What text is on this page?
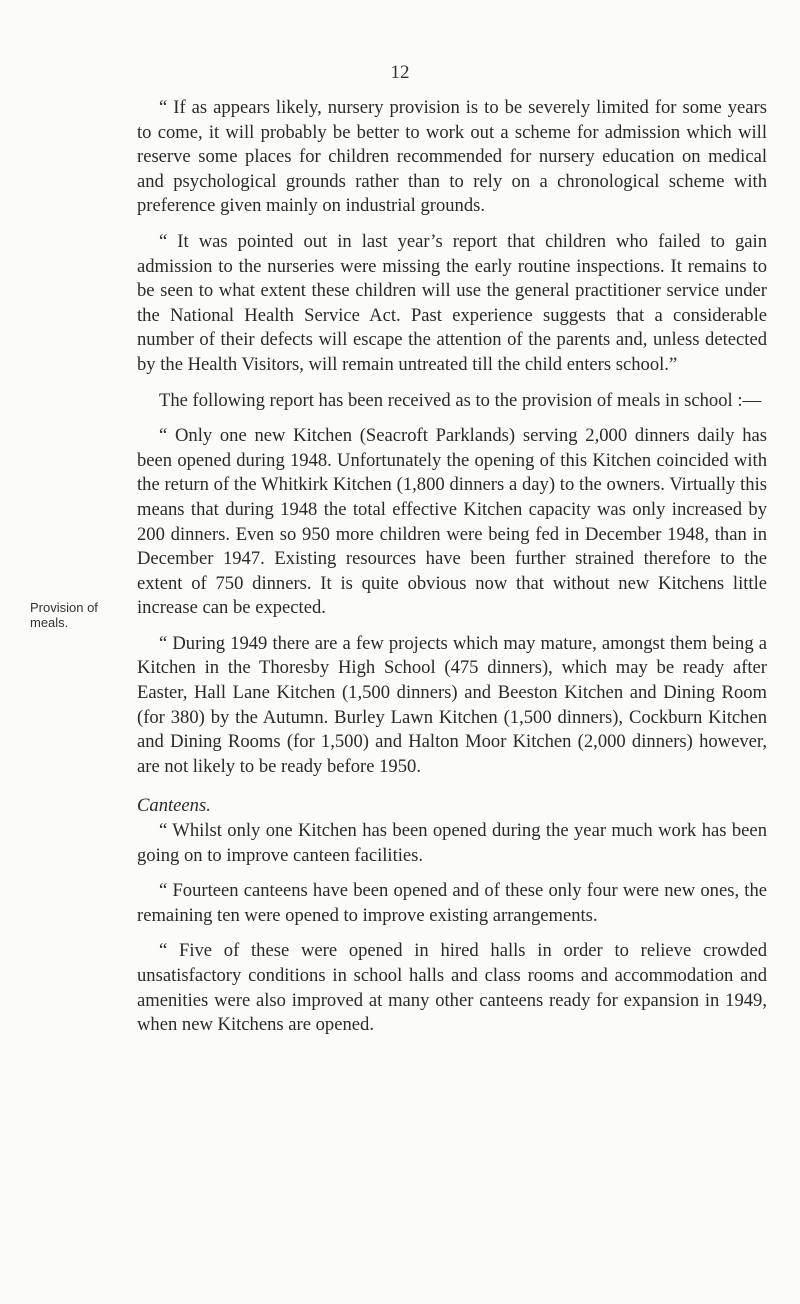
12
Provision of meals.

“ If as appears likely, nursery provision is to be severely limited for some years to come, it will probably be better to work out a scheme for admission which will reserve some places for children recommended for nursery education on medical and psychological grounds rather than to rely on a chronological scheme with preference given mainly on industrial grounds.

“ It was pointed out in last year’s report that children who failed to gain admission to the nurseries were missing the early routine inspections. It remains to be seen to what extent these children will use the general practitioner service under the National Health Service Act. Past experience suggests that a considerable number of their defects will escape the attention of the parents and, unless detected by the Health Visitors, will remain untreated till the child enters school.”

The following report has been received as to the provision of meals in school :—

“ Only one new Kitchen (Seacroft Parklands) serving 2,000 dinners daily has been opened during 1948. Unfortunately the opening of this Kitchen coincided with the return of the Whitkirk Kitchen (1,800 dinners a day) to the owners. Virtually this means that during 1948 the total effective Kitchen capacity was only increased by 200 dinners. Even so 950 more children were being fed in December 1948, than in December 1947. Existing resources have been further strained therefore to the extent of 750 dinners. It is quite obvious now that without new Kitchens little increase can be expected.

“ During 1949 there are a few projects which may mature, amongst them being a Kitchen in the Thoresby High School (475 dinners), which may be ready after Easter, Hall Lane Kitchen (1,500 dinners) and Beeston Kitchen and Dining Room (for 380) by the Autumn. Burley Lawn Kitchen (1,500 dinners), Cockburn Kitchen and Dining Rooms (for 1,500) and Halton Moor Kitchen (2,000 dinners) however, are not likely to be ready before 1950.

Canteens.

“ Whilst only one Kitchen has been opened during the year much work has been going on to improve canteen facilities.

“ Fourteen canteens have been opened and of these only four were new ones, the remaining ten were opened to improve existing arrangements.

“ Five of these were opened in hired halls in order to relieve crowded unsatisfactory conditions in school halls and class rooms and accommodation and amenities were also improved at many other canteens ready for expansion in 1949, when new Kitchens are opened.
